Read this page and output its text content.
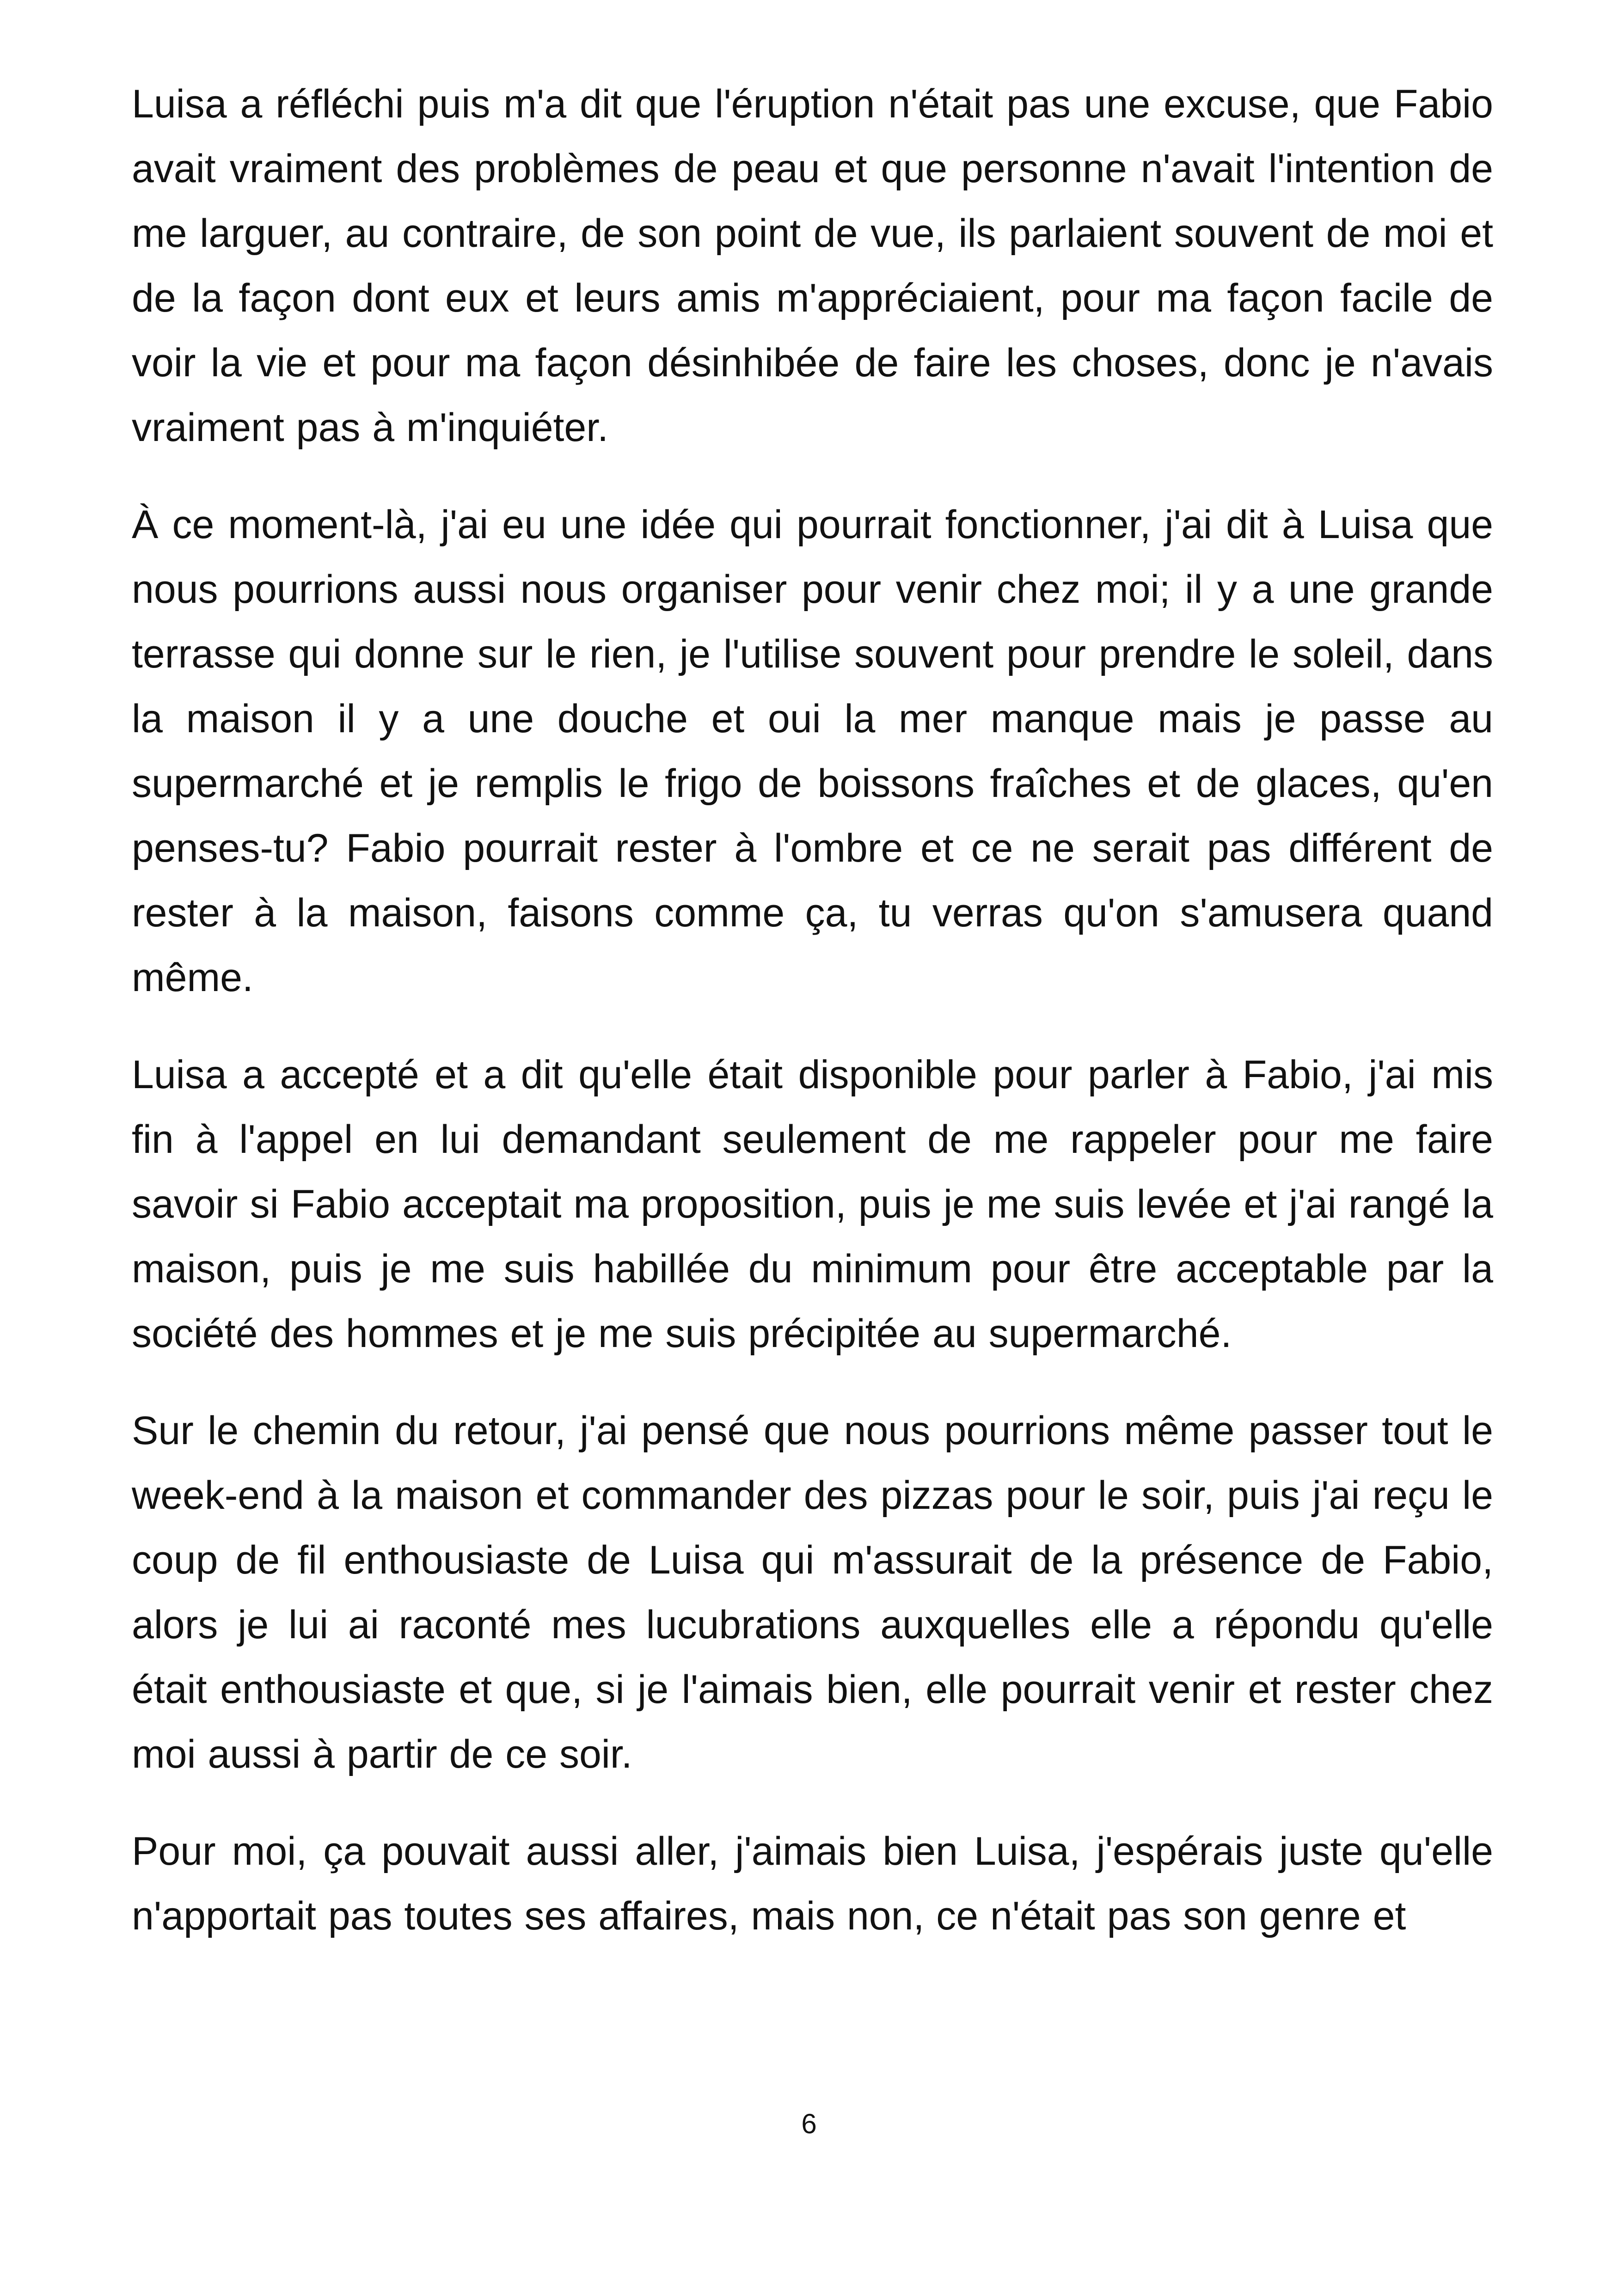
Luisa a réfléchi puis m'a dit que l'éruption n'était pas une excuse, que Fabio avait vraiment des problèmes de peau et que personne n'avait l'intention de me larguer, au contraire, de son point de vue, ils parlaient souvent de moi et de la façon dont eux et leurs amis m'appréciaient, pour ma façon facile de voir la vie et pour ma façon désinhibée de faire les choses, donc je n'avais vraiment pas à m'inquiéter.

À ce moment-là, j'ai eu une idée qui pourrait fonctionner, j'ai dit à Luisa que nous pourrions aussi nous organiser pour venir chez moi; il y a une grande terrasse qui donne sur le rien, je l'utilise souvent pour prendre le soleil, dans la maison il y a une douche et oui la mer manque mais je passe au supermarché et je remplis le frigo de boissons fraîches et de glaces, qu'en penses-tu? Fabio pourrait rester à l'ombre et ce ne serait pas différent de rester à la maison, faisons comme ça, tu verras qu'on s'amusera quand même.

Luisa a accepté et a dit qu'elle était disponible pour parler à Fabio, j'ai mis fin à l'appel en lui demandant seulement de me rappeler pour me faire savoir si Fabio acceptait ma proposition, puis je me suis levée et j'ai rangé la maison, puis je me suis habillée du minimum pour être acceptable par la société des hommes et je me suis précipitée au supermarché.

Sur le chemin du retour, j'ai pensé que nous pourrions même passer tout le week-end à la maison et commander des pizzas pour le soir, puis j'ai reçu le coup de fil enthousiaste de Luisa qui m'assurait de la présence de Fabio, alors je lui ai raconté mes lucubrations auxquelles elle a répondu qu'elle était enthousiaste et que, si je l'aimais bien, elle pourrait venir et rester chez moi aussi à partir de ce soir.

Pour moi, ça pouvait aussi aller, j'aimais bien Luisa, j'espérais juste qu'elle n'apportait pas toutes ses affaires, mais non, ce n'était pas son genre et

6
